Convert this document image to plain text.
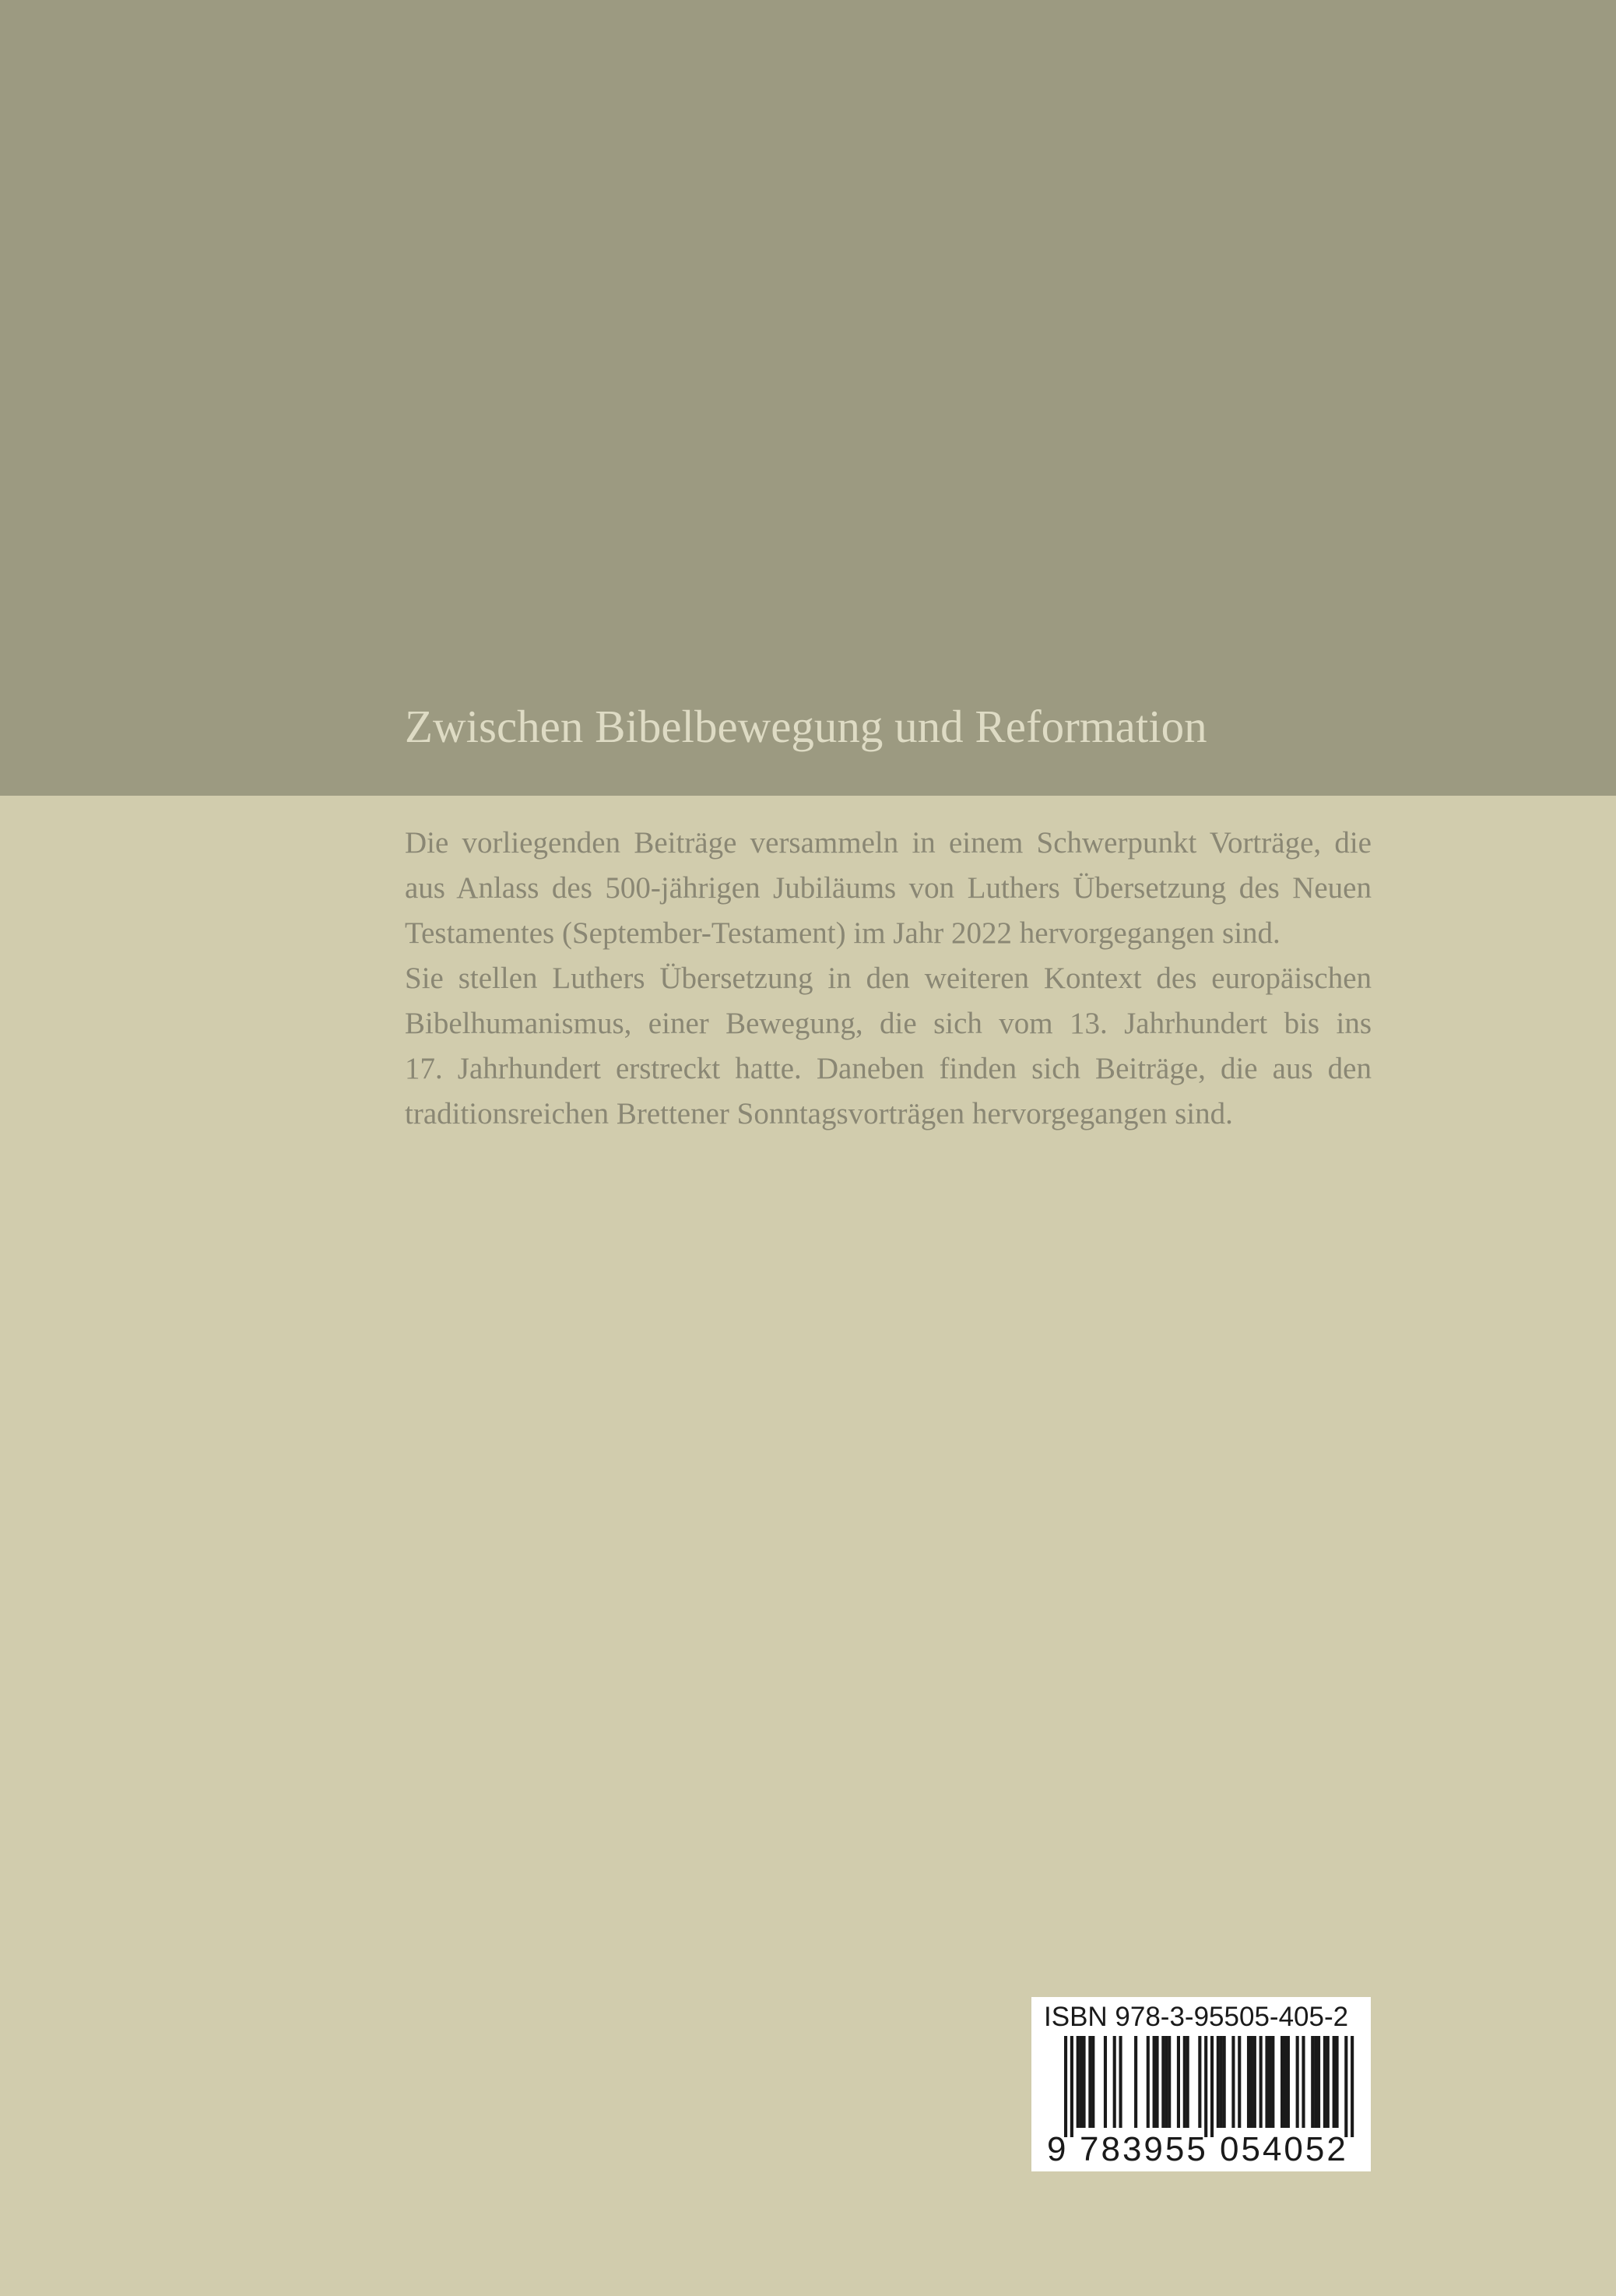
Zwischen Bibelbewegung und Reformation
Die vorliegenden Beiträge versammeln in einem Schwerpunkt Vorträge, die
aus Anlass des 500-jährigen Jubiläums von Luthers Übersetzung des Neuen
Testamentes (September-Testament) im Jahr 2022 hervorgegangen sind.
Sie stellen Luthers Übersetzung in den weiteren Kontext des europäischen
Bibelhumanismus, einer Bewegung, die sich vom 13. Jahrhundert bis ins
17. Jahrhundert erstreckt hatte. Daneben finden sich Beiträge, die aus den
traditionsreichen Brettener Sonntagsvorträgen hervorgegangen sind.
ISBN 978-3-95505-405-2
9 783955 054052
